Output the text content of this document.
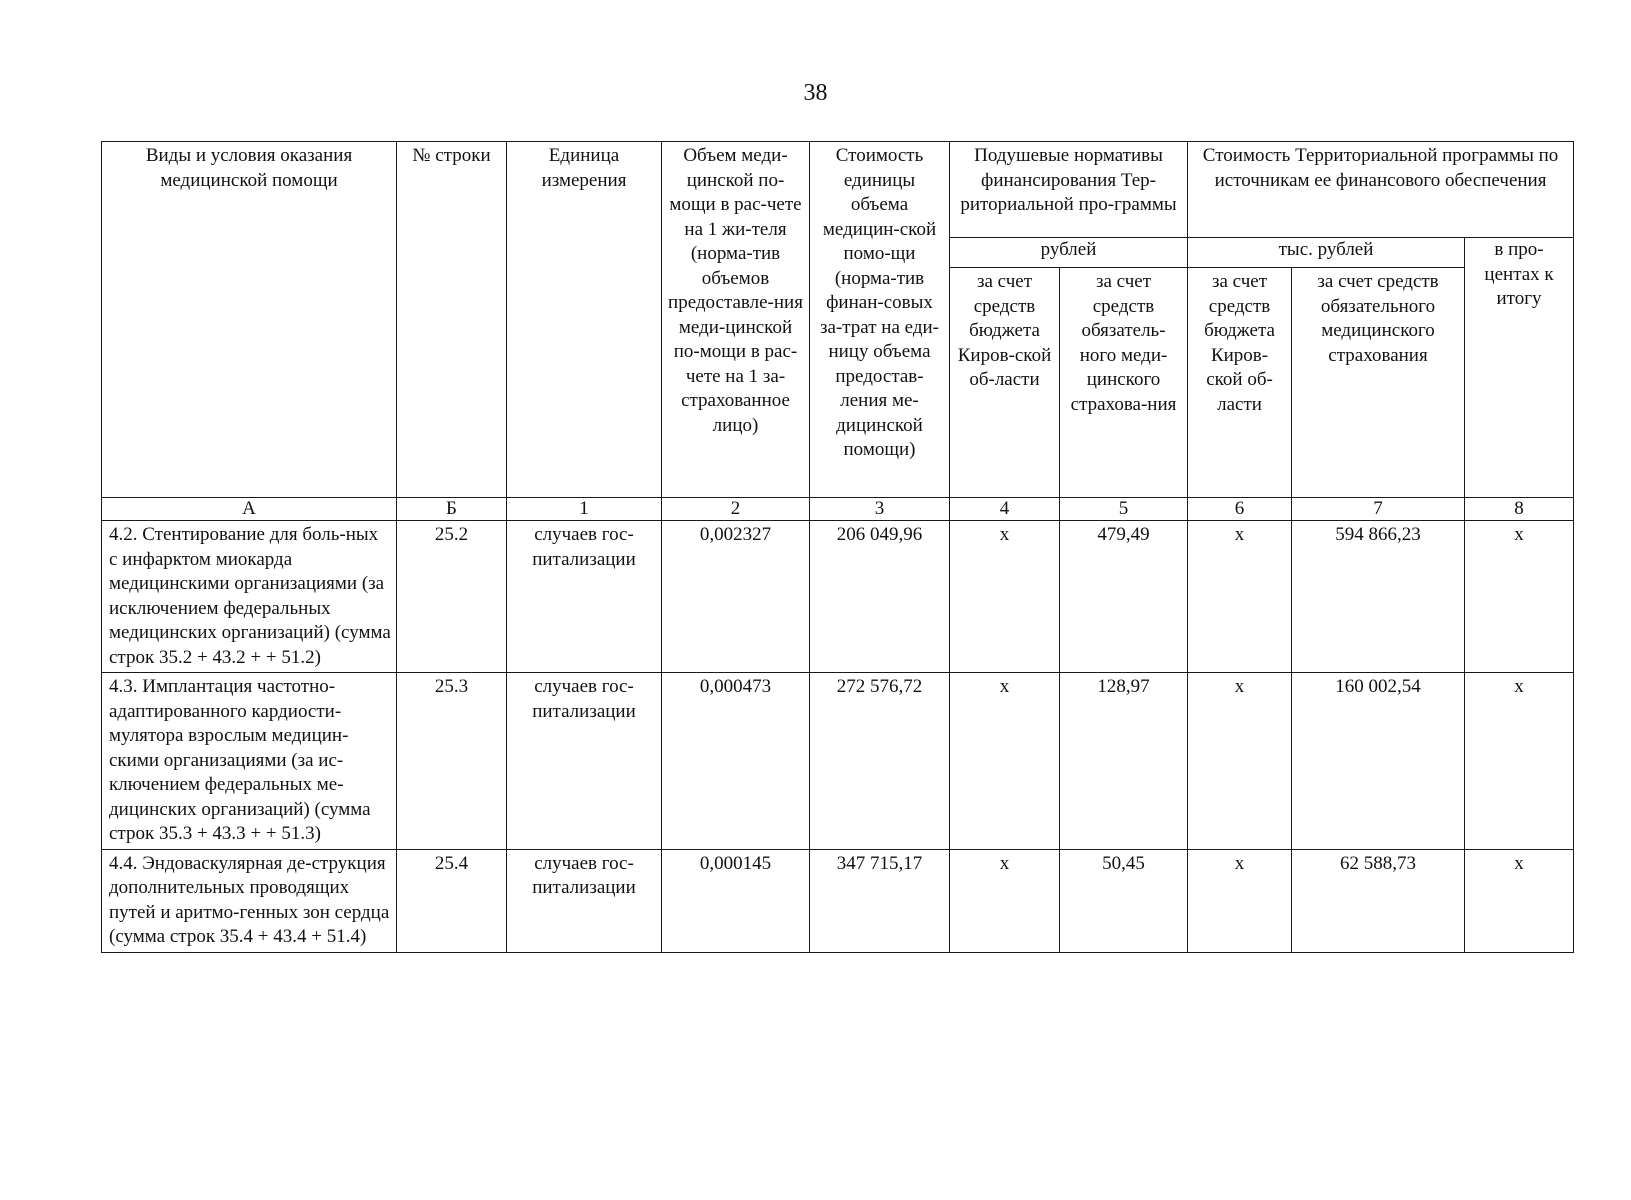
38
Виды и условия оказания медицинской помощи	№ строки	Единица измерения	Объем меди-цинской по-мощи в рас-чете на 1 жи-теля (норма-тив объемов предоставле-ния меди-цинской по-мощи в рас-чете на 1 за-страхованное лицо)	Стоимость единицы объема медицин-ской помо-щи (норма-тив финан-совых за-трат на еди-ницу объема предостав-ления ме-дицинской помощи)	Подушевые нормативы финансирования Тер-риториальной про-граммы		Стоимость Территориальной программы по источникам ее финансового обеспечения		
					рублей		тыс. рублей		в про-центах к итогу
					за счет средств бюджета Киров-ской об-ласти	за счет средств обязатель-ного меди-цинского страхова-ния	за счет средств бюджета Киров-ской об-ласти	за счет средств обязательного медицинского страхования	
А	Б	1	2	3	4	5	6	7	8
4.2. Стентирование для боль-ных с инфарктом миокарда медицинскими организациями (за исключением федеральных медицинских организаций) (сумма строк 35.2 + 43.2 + + 51.2)	25.2	случаев гос-питализации	0,002327	206 049,96	х	479,49	х	594 866,23	х
4.3. Имплантация частотно-адаптированного кардиости-мулятора взрослым медицин-скими организациями (за ис-ключением федеральных ме-дицинских организаций) (сумма строк 35.3 + 43.3 + + 51.3)	25.3	случаев гос-питализации	0,000473	272 576,72	х	128,97	х	160 002,54	х
4.4. Эндоваскулярная де-струкция дополнительных проводящих путей и аритмо-генных зон сердца (сумма строк 35.4 + 43.4 + 51.4)	25.4	случаев гос-питализации	0,000145	347 715,17	х	50,45	х	62 588,73	х
